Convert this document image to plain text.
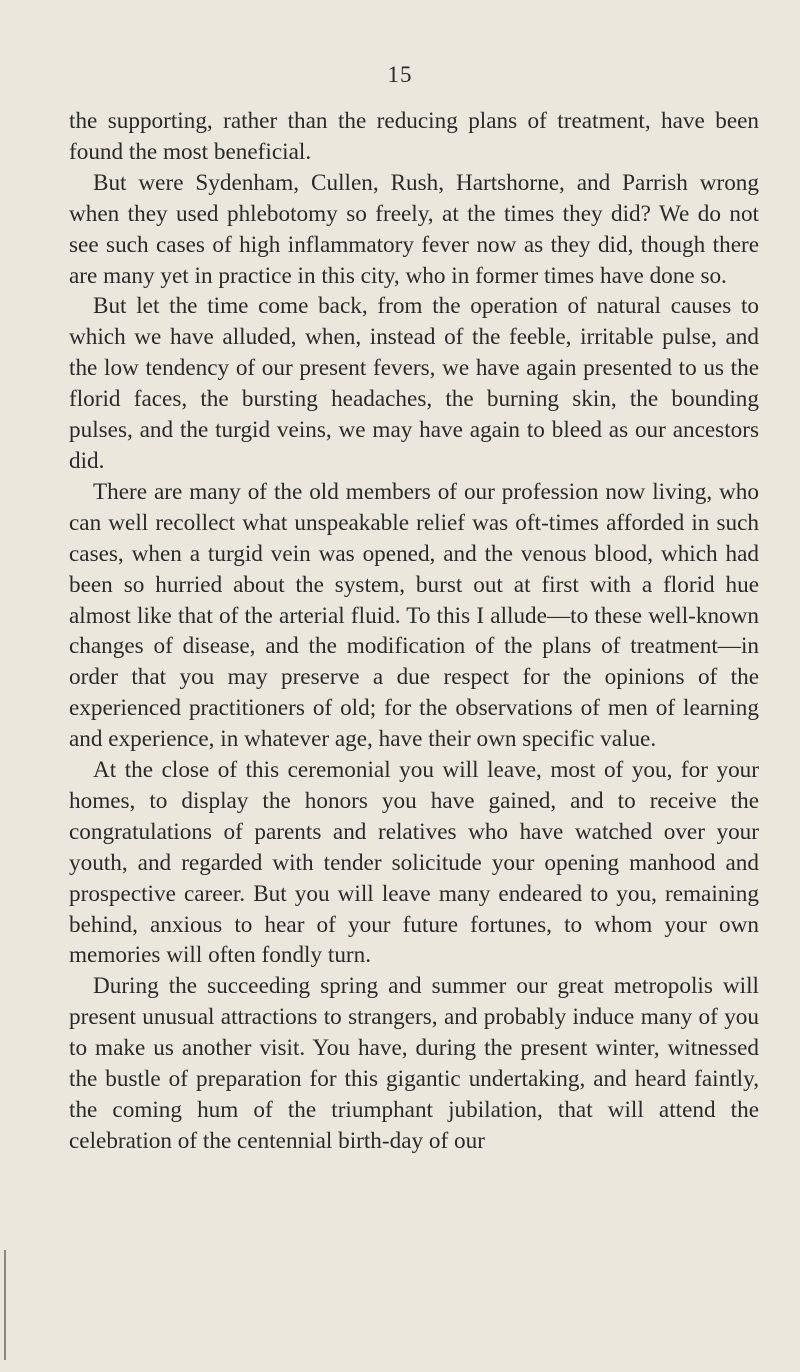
15

the supporting, rather than the reducing plans of treatment, have been found the most beneficial.

But were Sydenham, Cullen, Rush, Hartshorne, and Parrish wrong when they used phlebotomy so freely, at the times they did? We do not see such cases of high inflammatory fever now as they did, though there are many yet in practice in this city, who in former times have done so.

But let the time come back, from the operation of natural causes to which we have alluded, when, instead of the feeble, irritable pulse, and the low tendency of our present fevers, we have again presented to us the florid faces, the bursting headaches, the burning skin, the bounding pulses, and the turgid veins, we may have again to bleed as our ancestors did.

There are many of the old members of our profession now living, who can well recollect what unspeakable relief was oft-times afforded in such cases, when a turgid vein was opened, and the venous blood, which had been so hurried about the system, burst out at first with a florid hue almost like that of the arterial fluid. To this I allude—to these well-known changes of disease, and the modification of the plans of treatment—in order that you may preserve a due respect for the opinions of the experienced practitioners of old; for the observations of men of learning and experience, in whatever age, have their own specific value.

At the close of this ceremonial you will leave, most of you, for your homes, to display the honors you have gained, and to receive the congratulations of parents and relatives who have watched over your youth, and regarded with tender solicitude your opening manhood and prospective career. But you will leave many endeared to you, remaining behind, anxious to hear of your future fortunes, to whom your own memories will often fondly turn.

During the succeeding spring and summer our great metropolis will present unusual attractions to strangers, and probably induce many of you to make us another visit. You have, during the present winter, witnessed the bustle of preparation for this gigantic undertaking, and heard faintly, the coming hum of the triumphant jubilation, that will attend the celebration of the centennial birth-day of our
